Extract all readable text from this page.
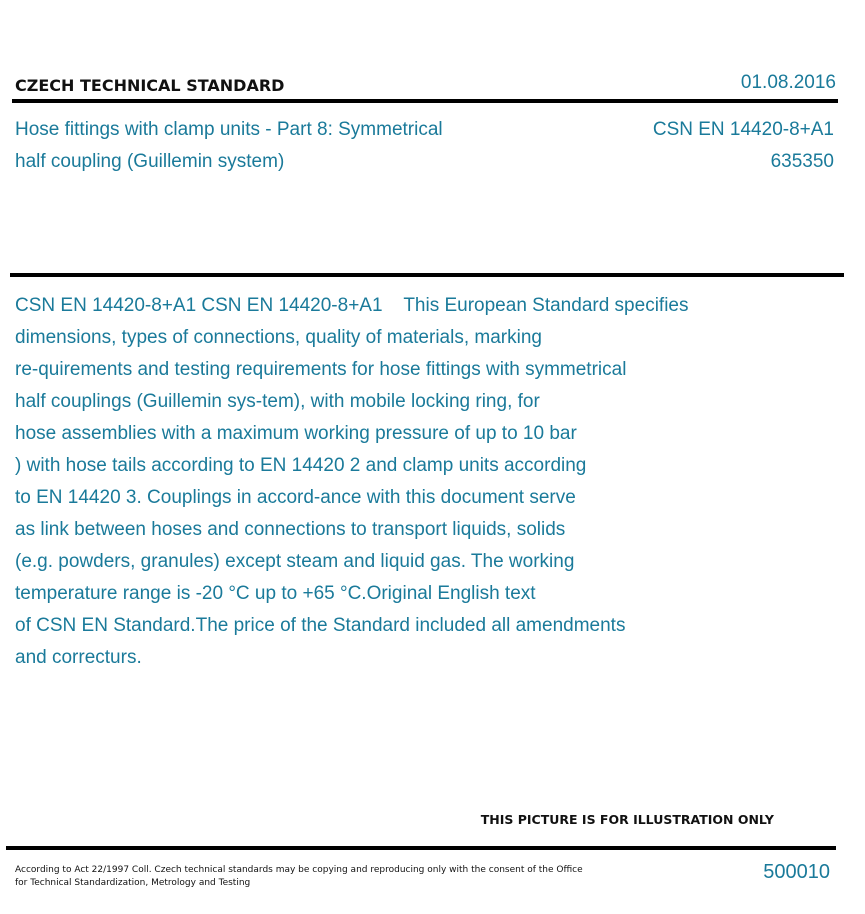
CZECH TECHNICAL STANDARD	01.08.2016
Hose fittings with clamp units - Part 8: Symmetrical
half coupling (Guillemin system)
CSN EN 14420-8+A1
635350
CSN EN 14420-8+A1 CSN EN 14420-8+A1    This European Standard specifies
dimensions, types of connections, quality of materials, marking
re-quirements and testing requirements for hose fittings with symmetrical
half couplings (Guillemin sys-tem), with mobile locking ring, for
hose assemblies with a maximum working pressure of up to 10 bar
) with hose tails according to EN 14420 2 and clamp units according
to EN 14420 3. Couplings in accord-ance with this document serve
as link between hoses and connections to transport liquids, solids
(e.g. powders, granules) except steam and liquid gas. The working
temperature range is -20 °C up to +65 °C.Original English text
of CSN EN Standard.The price of the Standard included all amendments
and correcturs.
THIS PICTURE IS FOR ILLUSTRATION ONLY
According to Act 22/1997 Coll. Czech technical standards may be copying and reproducing only with the consent of the Office
for Technical Standardization, Metrology and Testing	500010
